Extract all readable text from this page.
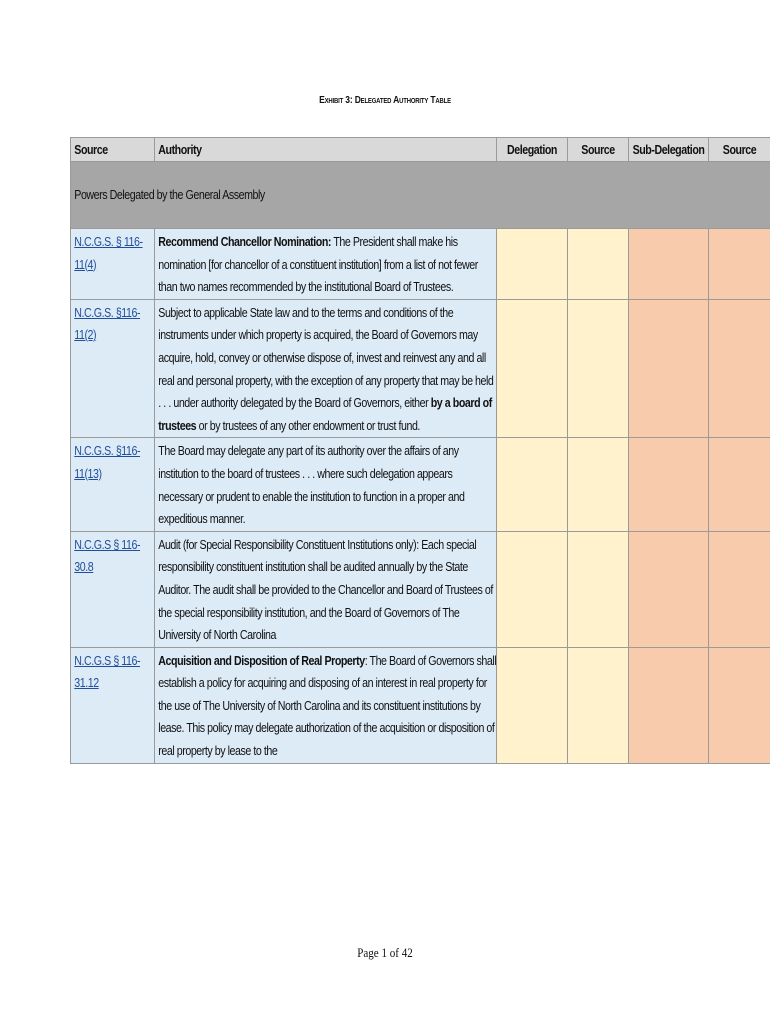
Exhibit 3: Delegated Authority Table
Source	Authority	Delegation	Source	Sub-Delegation	Source

Powers Delegated by the General Assembly					

N.C.G.S. § 116-11(4)	Recommend Chancellor Nomination: The President shall make his nomination [for chancellor of a constituent institution] from a list of not fewer than two names recommended by the institutional Board of Trustees.				

N.C.G.S. §116-11(2)	Subject to applicable State law and to the terms and conditions of the instruments under which property is acquired, the Board of Governors may acquire, hold, convey or otherwise dispose of, invest and reinvest any and all real and personal property, with the exception of any property that may be held . . . under authority delegated by the Board of Governors, either by a board of trustees or by trustees of any other endowment or trust fund.				

N.C.G.S. §116-11(13)	The Board may delegate any part of its authority over the affairs of any institution to the board of trustees . . . where such delegation appears necessary or prudent to enable the institution to function in a proper and expeditious manner.				

N.C.G.S § 116-30.8	Audit (for Special Responsibility Constituent Institutions only): Each special responsibility constituent institution shall be audited annually by the State Auditor. The audit shall be provided to the Chancellor and Board of Trustees of the special responsibility institution, and the Board of Governors of The University of North Carolina				

N.C.G.S § 116-31.12	Acquisition and Disposition of Real Property: The Board of Governors shall establish a policy for acquiring and disposing of an interest in real property for the use of The University of North Carolina and its constituent institutions by lease. This policy may delegate authorization of the acquisition or disposition of real property by lease to the				

Page 1 of 42
